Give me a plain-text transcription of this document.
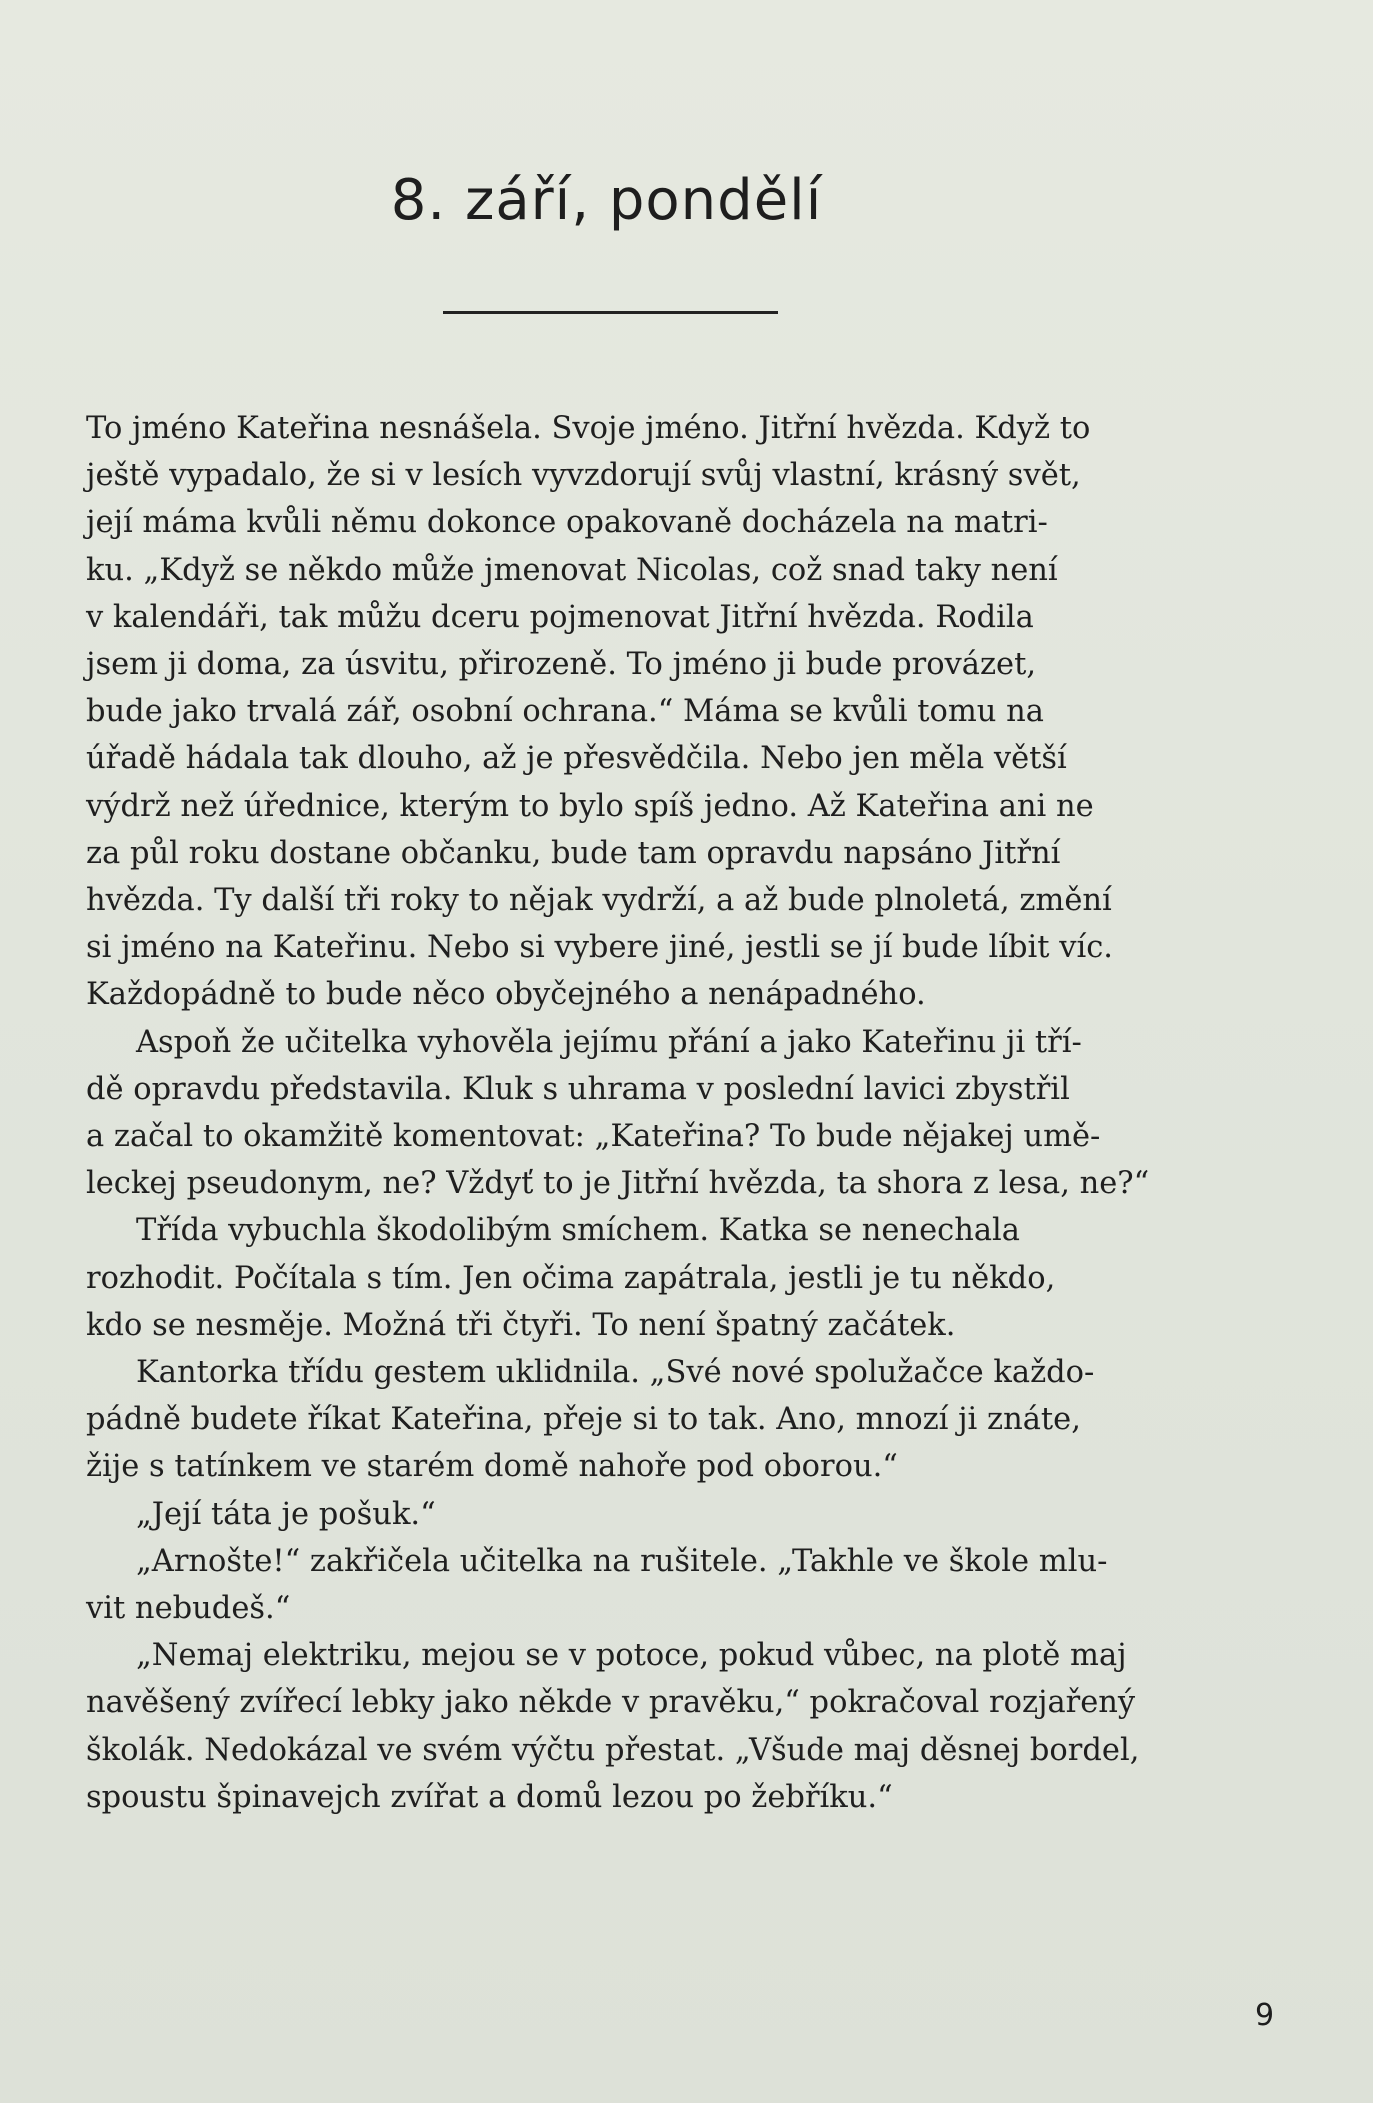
8. září, pondělí
To jméno Kateřina nesnášela. Svoje jméno. Jitřní hvězda. Když to
ještě vypadalo, že si v lesích vyvzdorují svůj vlastní, krásný svět,
její máma kvůli němu dokonce opakovaně docházela na matri-
ku. „Když se někdo může jmenovat Nicolas, což snad taky není
v kalendáři, tak můžu dceru pojmenovat Jitřní hvězda. Rodila
jsem ji doma, za úsvitu, přirozeně. To jméno ji bude provázet,
bude jako trvalá zář, osobní ochrana.“ Máma se kvůli tomu na
úřadě hádala tak dlouho, až je přesvědčila. Nebo jen měla větší
výdrž než úřednice, kterým to bylo spíš jedno. Až Kateřina ani ne
za půl roku dostane občanku, bude tam opravdu napsáno Jitřní
hvězda. Ty další tři roky to nějak vydrží, a až bude plnoletá, změní
si jméno na Kateřinu. Nebo si vybere jiné, jestli se jí bude líbit víc.
Každopádně to bude něco obyčejného a nenápadného.
Aspoň že učitelka vyhověla jejímu přání a jako Kateřinu ji tří-
dě opravdu představila. Kluk s uhrama v poslední lavici zbystřil
a začal to okamžitě komentovat: „Kateřina? To bude nějakej umě-
leckej pseudonym, ne? Vždyť to je Jitřní hvězda, ta shora z lesa, ne?“
Třída vybuchla škodolibým smíchem. Katka se nenechala
rozhodit. Počítala s tím. Jen očima zapátrala, jestli je tu někdo,
kdo se nesměje. Možná tři čtyři. To není špatný začátek.
Kantorka třídu gestem uklidnila. „Své nové spolužačce každo-
pádně budete říkat Kateřina, přeje si to tak. Ano, mnozí ji znáte,
žije s tatínkem ve starém domě nahoře pod oborou.“
„Její táta je pošuk.“
„Arnošte!“ zakřičela učitelka na rušitele. „Takhle ve škole mlu-
vit nebudeš.“
„Nemaj elektriku, mejou se v potoce, pokud vůbec, na plotě maj
navěšený zvířecí lebky jako někde v pravěku,“ pokračoval rozjařený
školák. Nedokázal ve svém výčtu přestat. „Všude maj děsnej bordel,
spoustu špinavejch zvířat a domů lezou po žebříku.“
9
